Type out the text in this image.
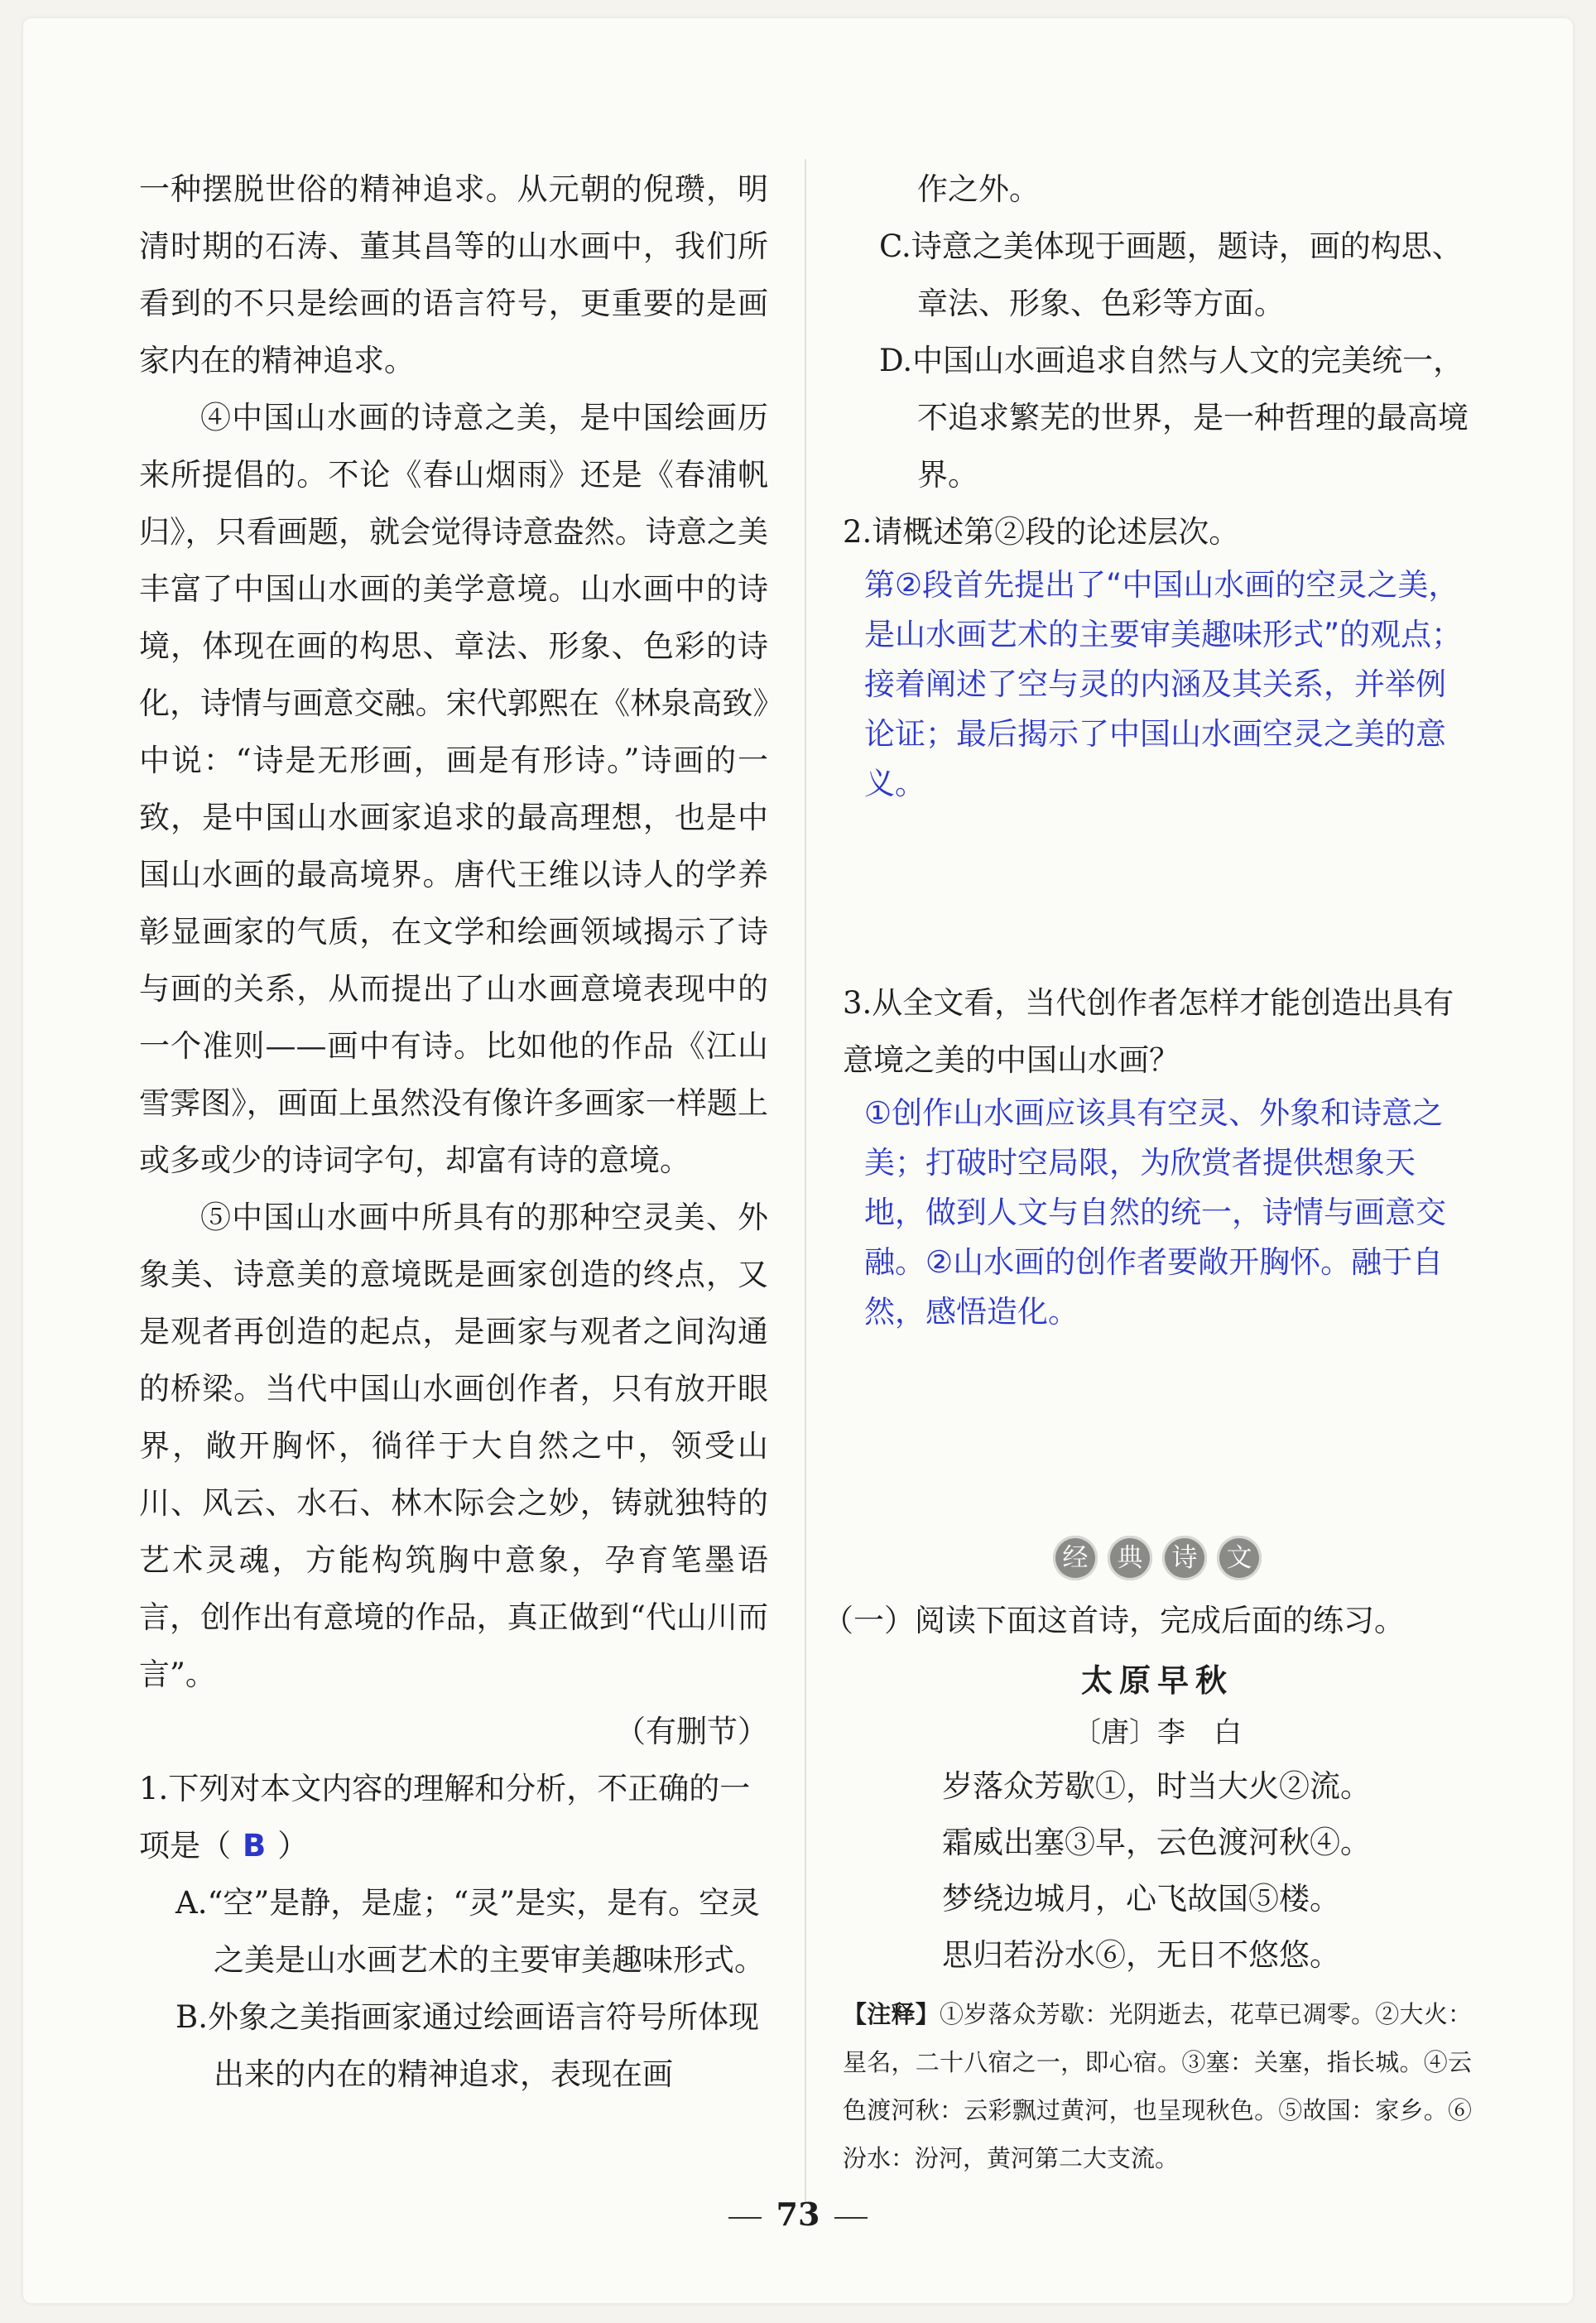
一种摆脱世俗的精神追求。从元朝的倪瓒，明清时期的石涛、董其昌等的山水画中，我们所看到的不只是绘画的语言符号，更重要的是画家内在的精神追求。

④中国山水画的诗意之美，是中国绘画历来所提倡的。不论《春山烟雨》还是《春浦帆归》，只看画题，就会觉得诗意盎然。诗意之美丰富了中国山水画的美学意境。山水画中的诗境，体现在画的构思、章法、形象、色彩的诗化，诗情与画意交融。宋代郭熙在《林泉高致》中说：“诗是无形画，画是有形诗。”诗画的一致，是中国山水画家追求的最高理想，也是中国山水画的最高境界。唐代王维以诗人的学养彰显画家的气质，在文学和绘画领域揭示了诗与画的关系，从而提出了山水画意境表现中的一个准则——画中有诗。比如他的作品《江山雪霁图》，画面上虽然没有像许多画家一样题上或多或少的诗词字句，却富有诗的意境。

⑤中国山水画中所具有的那种空灵美、外象美、诗意美的意境既是画家创造的终点，又是观者再创造的起点，是画家与观者之间沟通的桥梁。当代中国山水画创作者，只有放开眼界，敞开胸怀，徜徉于大自然之中，领受山川、风云、水石、林木际会之妙，铸就独特的艺术灵魂，方能构筑胸中意象，孕育笔墨语言，创作出有意境的作品，真正做到“代山川而言”。

（有删节）

1.下列对本文内容的理解和分析，不正确的一项是（ B ）

A.“空”是静，是虚；“灵”是实，是有。空灵之美是山水画艺术的主要审美趣味形式。

B.外象之美指画家通过绘画语言符号所体现出来的内在的精神追求，表现在画

作之外。

C.诗意之美体现于画题，题诗，画的构思、章法、形象、色彩等方面。

D.中国山水画追求自然与人文的完美统一，不追求繁芜的世界，是一种哲理的最高境界。

2.请概述第②段的论述层次。

第②段首先提出了“中国山水画的空灵之美，是山水画艺术的主要审美趣味形式”的观点；接着阐述了空与灵的内涵及其关系，并举例论证；最后揭示了中国山水画空灵之美的意义。

3.从全文看，当代创作者怎样才能创造出具有意境之美的中国山水画？

①创作山水画应该具有空灵、外象和诗意之美；打破时空局限，为欣赏者提供想象天地，做到人文与自然的统一，诗情与画意交融。②山水画的创作者要敞开胸怀。融于自然，感悟造化。

经	典	诗	文

（一）阅读下面这首诗，完成后面的练习。

太原早秋

〔唐〕李　白

岁落众芳歇①，时当大火②流。

霜威出塞③早，云色渡河秋④。

梦绕边城月，心飞故国⑤楼。

思归若汾水⑥，无日不悠悠。

【注释】①岁落众芳歇：光阴逝去，花草已凋零。②大火：星名，二十八宿之一，即心宿。③塞：关塞，指长城。④云色渡河秋：云彩飘过黄河，也呈现秋色。⑤故国：家乡。⑥汾水：汾河，黄河第二大支流。

73
